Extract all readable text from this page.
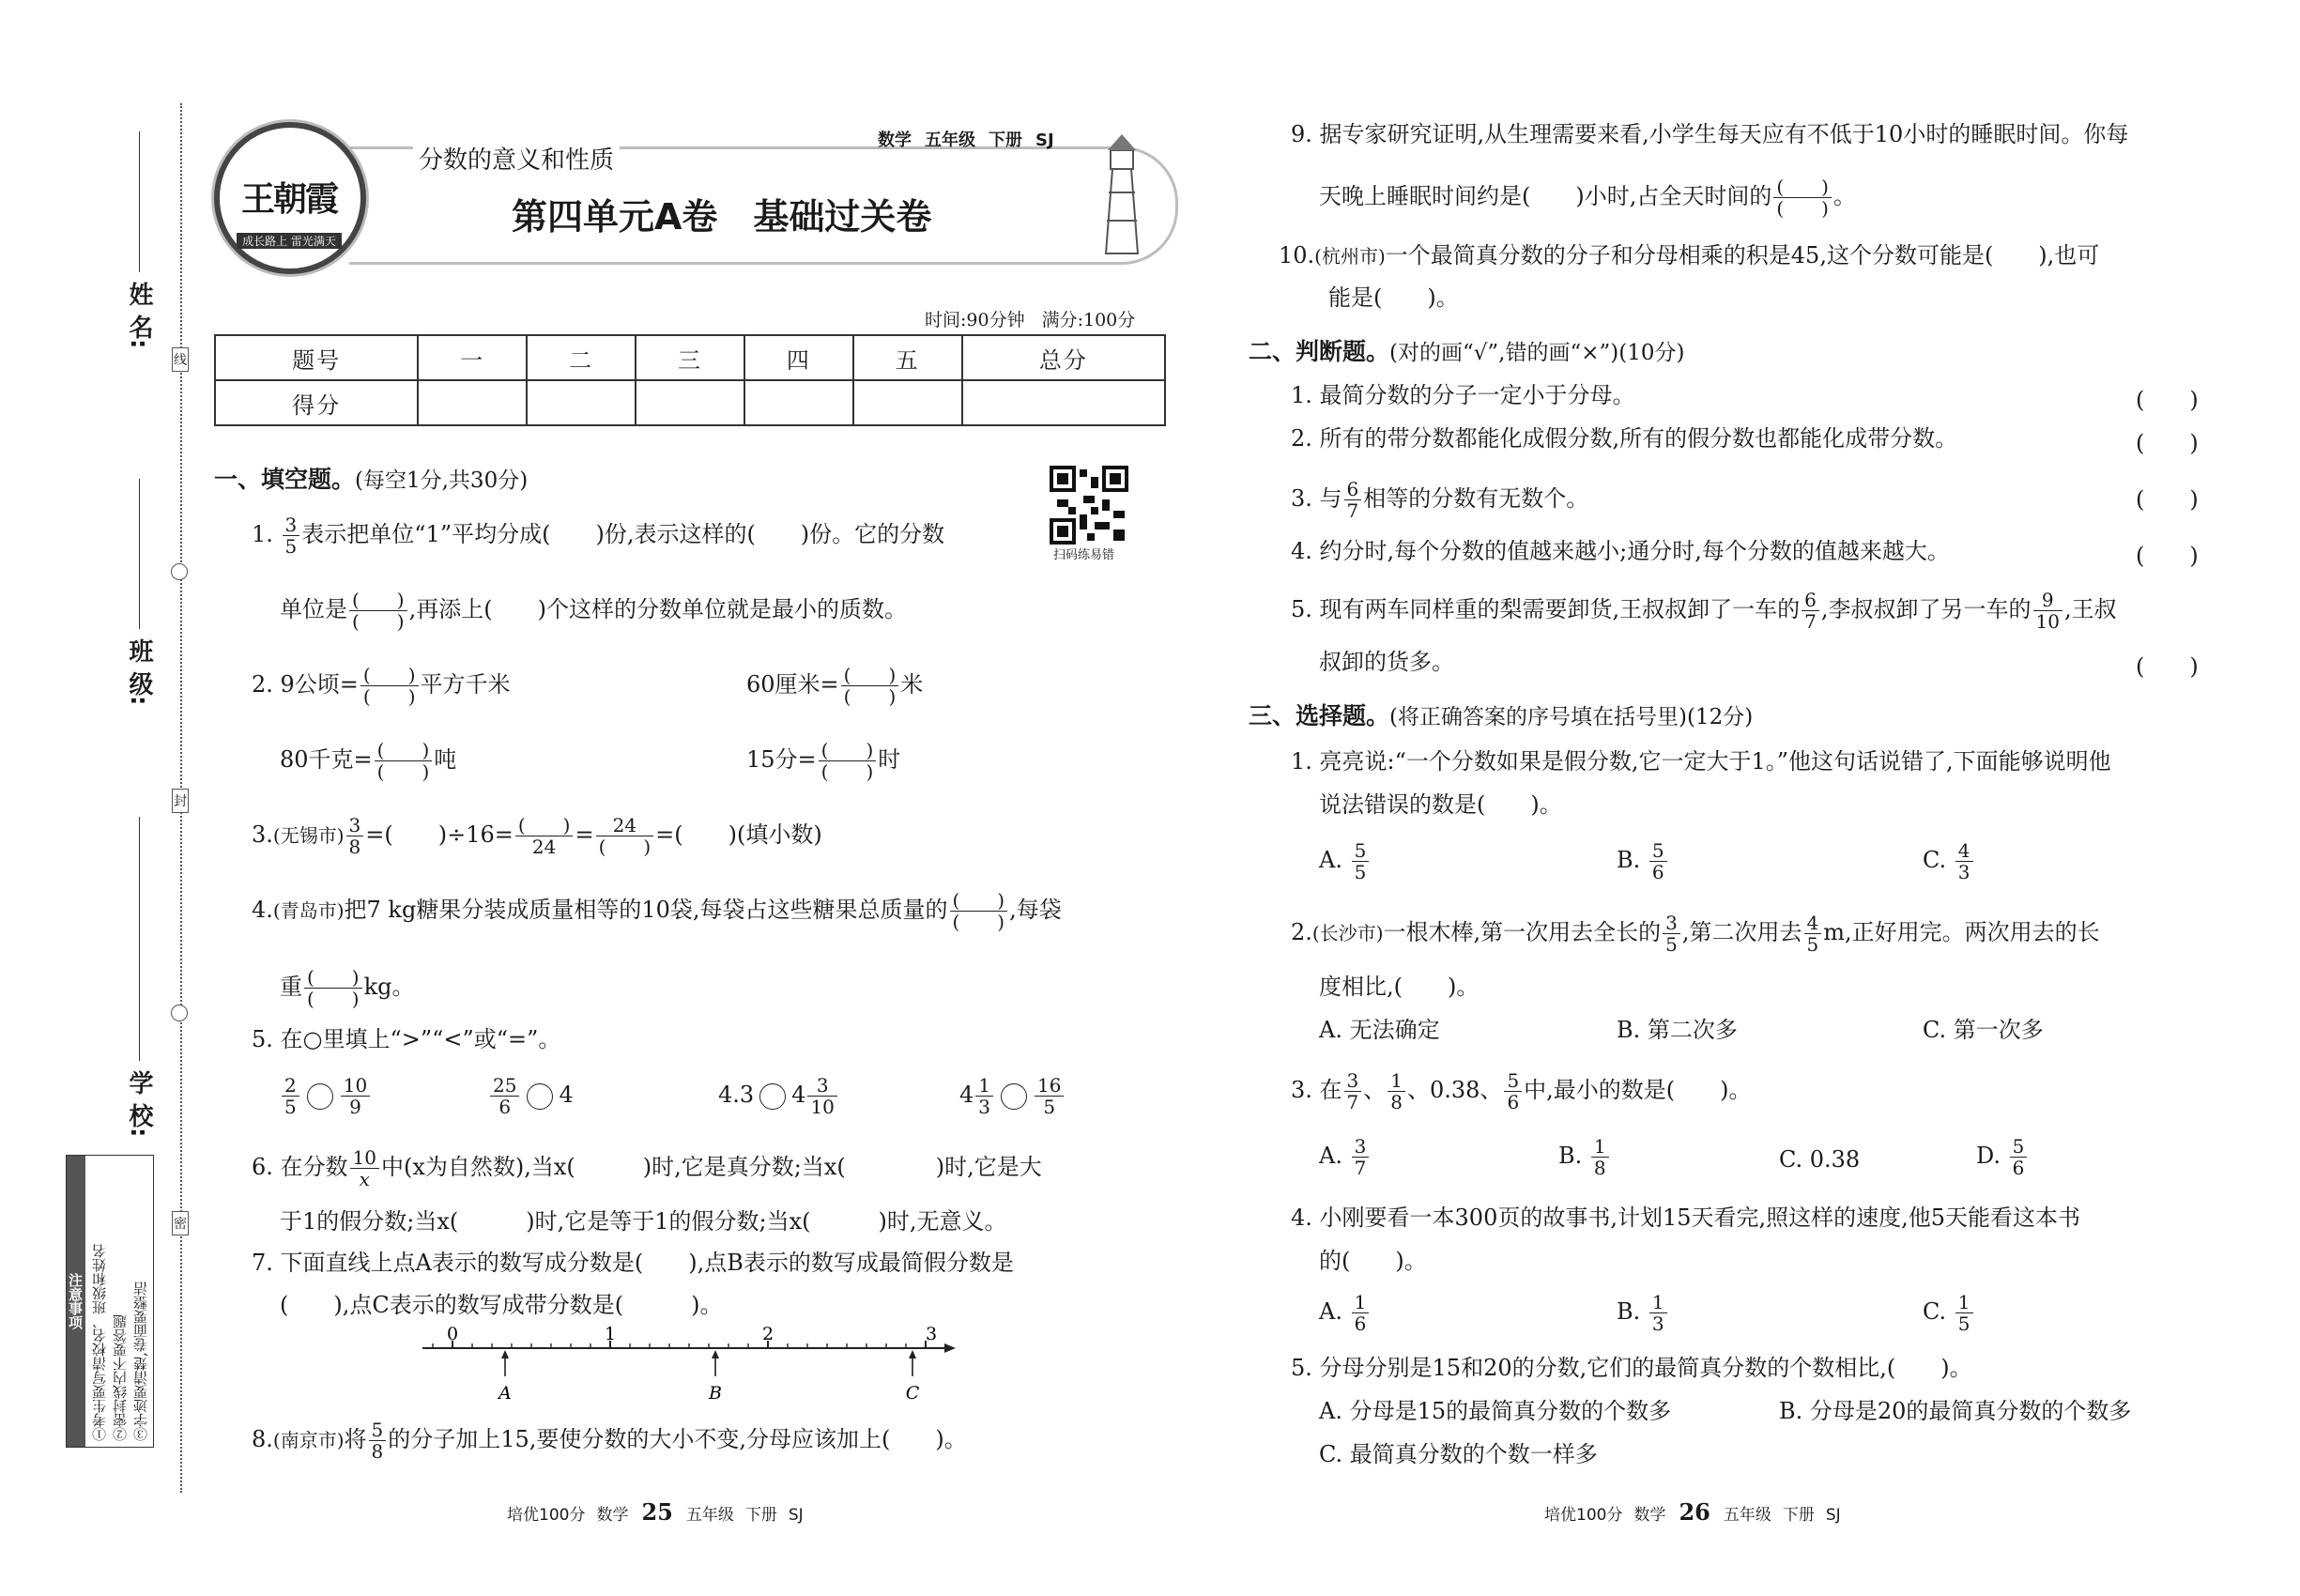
姓 名:
班 级:
学 校:
线
封
密
注意事项 ①考生要写清校名、班级和姓名 ②密封线内不要答题 ③字迹要清楚,卷面要整洁
王朝霞
成长路上 雷光满天
分数的意义和性质
数学 五年级 下册 SJ
第四单元A卷　基础过关卷
时间:90分钟 满分:100分
题号	一	二	三	四	五	总分
得分						
扫码练易错
一、填空题。(每空1分,共30分)
1. $\frac{3}{5}$ 表示把单位“1”平均分成(　　)份,表示这样的(　　)份。它的分数
单位是 (　　)
(　　) ,再添上(　　)个这样的分数单位就是最小的质数。
2. 9公顷= (　　)
(　　) 平方千米	60厘米= (　　)
(　　) 米
80千克= (　　)
(　　) 吨	15分= (　　)
(　　) 时
3.(无锡市) $\frac{3}{8}$ =(　　)÷16= (　　)
24 =	24
(　　) =(　　)(填小数)
4.(青岛市)把7 kg糖果分装成质量相等的10袋,每袋占这些糖果总质量的 (　　)
(　　) ,每袋
重 (　　)
(　　) kg。
5. 在○里填上“>”“<”或“=”。
$\frac{2}{5} \frac{10}{9}$	$\frac{25}{6} 4$	4.3 $4 \frac{3}{10}$	$4 \frac{1}{3} \frac{16}{5}$
6. 在分数 $\frac{10}{x}$ 中(x为自然数),当x(　　　)时,它是真分数;当x(　　　　)时,它是大
于1的假分数;当x(　　　)时,它是等于1的假分数;当x(　　　)时,无意义。
7. 下面直线上点A表示的数写成分数是(　　),点B表示的数写成最简假分数是
(　　),点C表示的数写成带分数是(　　　)。
0	1	2	3
A	B	C
8.(南京市)将 $\frac{5}{8}$ 的分子加上15,要使分数的大小不变,分母应该加上(　　)。
培优100分 数学 25 五年级 下册 SJ
9. 据专家研究证明,从生理需要来看,小学生每天应有不低于10小时的睡眠时间。你每
天晚上睡眠时间约是(　　)小时,占全天时间的 (　　)
(　　) 。
10.(杭州市)一个最简真分数的分子和分母相乘的积是45,这个分数可能是(　　),也可
能是(　　)。
二、判断题。(对的画“√”,错的画“×”)(10分)
1. 最简分数的分子一定小于分母。	(　　)
2. 所有的带分数都能化成假分数,所有的假分数也都能化成带分数。	(　　)
3. 与 $\frac{6}{7}$ 相等的分数有无数个。	(　　)
4. 约分时,每个分数的值越来越小;通分时,每个分数的值越来越大。	(　　)
5. 现有两车同样重的梨需要卸货,王叔叔卸了一车的 $\frac{6}{7}$ ,李叔叔卸了另一车的 $\frac{9}{10}$ ,王叔
叔卸的货多。	(　　)
三、选择题。(将正确答案的序号填在括号里)(12分)
1. 亮亮说:“一个分数如果是假分数,它一定大于1。”他这句话说错了,下面能够说明他
说法错误的数是(　　)。
A. $\frac{5}{5}$	B. $\frac{5}{6}$	C. $\frac{4}{3}$
2.(长沙市)一根木棒,第一次用去全长的 $\frac{3}{5}$ ,第二次用去 $\frac{4}{5} m$,正好用完。两次用去的长
度相比,(　　)。
A. 无法确定	B. 第二次多	C. 第一次多
3. 在 $\frac{3}{7}$ 、 $\frac{1}{8}$ 、0.38、 $\frac{5}{6}$ 中,最小的数是(　　)。
A. $\frac{3}{7}$	B. $\frac{1}{8}$	C. 0.38	D. $\frac{5}{6}$
4. 小刚要看一本300页的故事书,计划15天看完,照这样的速度,他5天能看这本书
的(　　)。
A. $\frac{1}{6}$	B. $\frac{1}{3}$	C. $\frac{1}{5}$
5. 分母分别是15和20的分数,它们的最简真分数的个数相比,(　　)。
A. 分母是15的最简真分数的个数多	B. 分母是20的最简真分数的个数多
C. 最简真分数的个数一样多
培优100分 数学 26 五年级 下册 SJ
